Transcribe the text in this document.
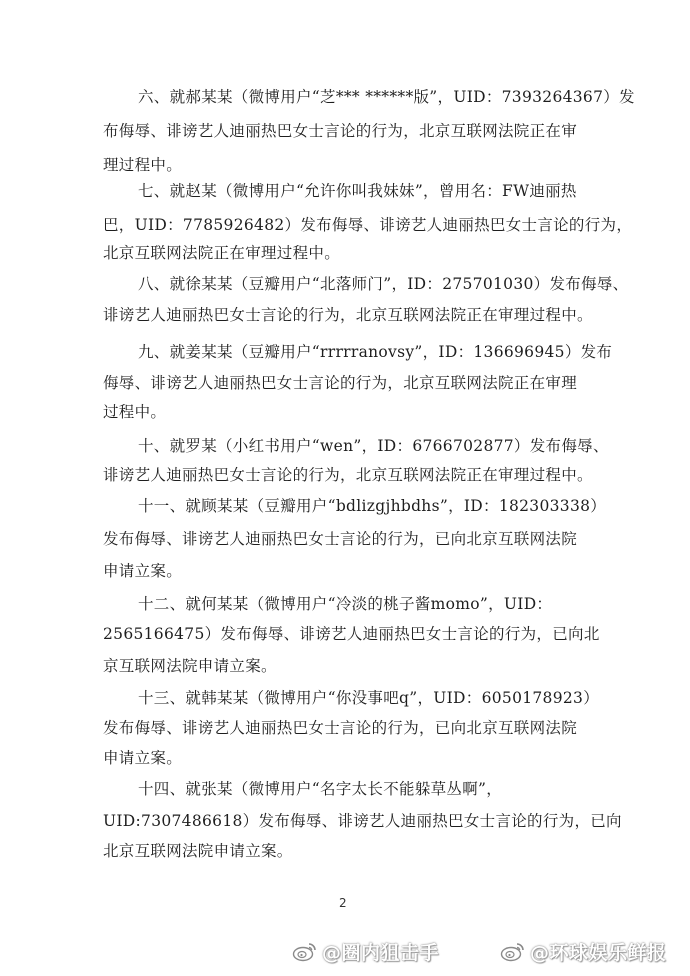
六、就郝某某（微博用户“芝*** ******版”，UID：7393264367）发
布侮辱、诽谤艺人迪丽热巴女士言论的行为，北京互联网法院正在审
理过程中。
七、就赵某（微博用户“允许你叫我妹妹”，曾用名：FW迪丽热
巴，UID：7785926482）发布侮辱、诽谤艺人迪丽热巴女士言论的行为，
北京互联网法院正在审理过程中。
八、就徐某某（豆瓣用户“北落师门”，ID：275701030）发布侮辱、
诽谤艺人迪丽热巴女士言论的行为，北京互联网法院正在审理过程中。
九、就姜某某（豆瓣用户“rrrrranovsy”，ID：136696945）发布
侮辱、诽谤艺人迪丽热巴女士言论的行为，北京互联网法院正在审理
过程中。
十、就罗某（小红书用户“wen”，ID：6766702877）发布侮辱、
诽谤艺人迪丽热巴女士言论的行为，北京互联网法院正在审理过程中。
十一、就顾某某（豆瓣用户“bdlizgjhbdhs”，ID：182303338）
发布侮辱、诽谤艺人迪丽热巴女士言论的行为，已向北京互联网法院
申请立案。
十二、就何某某（微博用户“冷淡的桃子酱momo”，UID：
2565166475）发布侮辱、诽谤艺人迪丽热巴女士言论的行为，已向北
京互联网法院申请立案。
十三、就韩某某（微博用户“你没事吧q”，UID：6050178923）
发布侮辱、诽谤艺人迪丽热巴女士言论的行为，已向北京互联网法院
申请立案。
十四、就张某（微博用户“名字太长不能躲草丛啊”，
UID:7307486618）发布侮辱、诽谤艺人迪丽热巴女士言论的行为，已向
北京互联网法院申请立案。
2
@圈内狙击手	@环球娱乐鲜报
